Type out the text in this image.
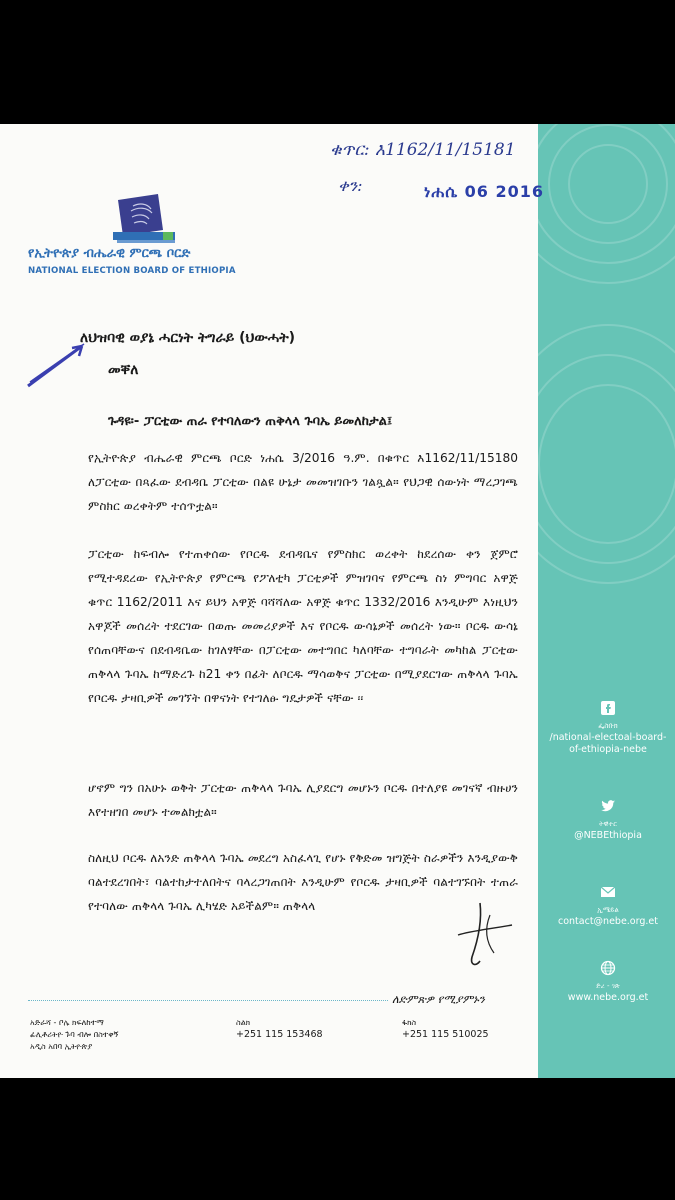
ፌስቡክ
/national-electoal-board-of-ethiopia-nebe
ትዊተር
@NEBEthiopia
ኢሜይል
contact@nebe.org.et
ድረ - ገጽ
www.nebe.org.et
ቁጥር: እ1162/11/15181
ቀን:	ነሐሴ 06 2016
የኢትዮጵያ ብሔራዊ ምርጫ ቦርድ
NATIONAL ELECTION BOARD OF ETHIOPIA
ለህዝባዊ ወያኔ ሓርነት ትግራይ (ህውሓት)
መቐለ
ጉዳዩ፡- ፓርቲው ጠራ የተባለውን ጠቅላላ ጉባኤ ይመለከታል፤
የኢትዮጵያ ብሔራዊ ምርጫ ቦርድ ነሐሴ 3/2016 ዓ.ም. በቁጥር እ1162/11/15180 ለፓርቲው በጻፈው ደብዳቤ ፓርቲው በልዩ ሁኔታ መመዝገቡን ገልጿል። የህጋዊ ሰውነት ማረጋገጫ ምስክር ወረቀትም ተሰጥቷል።
ፓርቲው ከፍብሎ የተጠቀሰው የቦርዱ ደብዳቤና የምስክር ወረቀት ከደረሰው ቀን ጀምሮ የሚተዳደረው የኢትዮጵያ የምርጫ የፖለቲካ ፓርቲዎች ምዝገባና የምርጫ ስነ ምግባር አዋጅ ቁጥር 1162/2011 እና ይህን አዋጅ ባሻሻለው አዋጅ ቁጥር 1332/2016 እንዲሁም እነዚህን አዋጆች መሰረት ተደርገው በወጡ መመሪያዎች እና የቦርዱ ውሳኔዎች መሰረት ነው። ቦርዱ ውሳኔ የሰጠባቸውና በደብዳቤው ከገለፃቸው በፓርቲው መተግበር ካለባቸው ተግባራት መካከል ፓርቲው ጠቅላላ ጉባኤ ከማድረጉ ከ21 ቀን በፊት ለቦርዱ ማሳወቅና ፓርቲው በሚያደርገው ጠቅላላ ጉባኤ የቦርዱ ታዛቢዎች መገኘት በዋናነት የተገለፁ ግዴታዎች ናቸው ፡፡
ሆኖም ግን በአሁኑ ወቅት ፓርቲው ጠቅላላ ጉባኤ ሊያደርግ መሆኑን ቦርዱ በተለያዩ መገናኛ ብዙሀን እየተዘገበ መሆኑ ተመልክቷል።
ስለዚህ ቦርዱ ለአንድ ጠቅላላ ጉባኤ መደረግ አስፈላጊ የሆኑ የቅድመ ዝግጅት ስራዎችን እንዲያውቅ ባልተደረገበት፣ ባልተከታተለበትና ባላረጋገጠበት እንዲሁም የቦርዱ ታዛቢዎች ባልተገኙበት ተጠራ የተባለው ጠቅላላ ጉባኤ ሊካሄድ አይችልም። ጠቅላላ
ለድምጽዎ የሚያምኑን
አድራሻ - ቦሌ ክፍለከተማ
ፊሊቶሪትዮ ጉባ ብሎ በስተቀኝ
አዲስ አበባ ኢትዮጵያ
ስልክ
+251 115 153468
ፋክስ
+251 115 510025
